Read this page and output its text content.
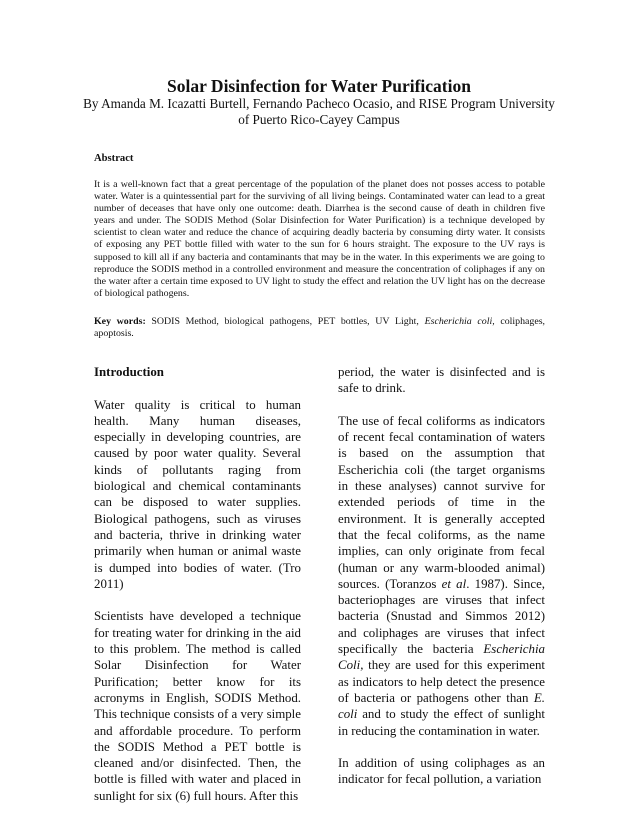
Solar Disinfection for Water Purification
By Amanda M. Icazatti Burtell, Fernando Pacheco Ocasio, and RISE Program University of Puerto Rico-Cayey Campus
Abstract
It is a well-known fact that a great percentage of the population of the planet does not posses access to potable water. Water is a quintessential part for the surviving of all living beings. Contaminated water can lead to a great number of deceases that have only one outcome: death. Diarrhea is the second cause of death in children five years and under. The SODIS Method (Solar Disinfection for Water Purification) is a technique developed by scientist to clean water and reduce the chance of acquiring deadly bacteria by consuming dirty water. It consists of exposing any PET bottle filled with water to the sun for 6 hours straight. The exposure to the UV rays is supposed to kill all if any bacteria and contaminants that may be in the water. In this experiments we are going to reproduce the SODIS method in a controlled environment and measure the concentration of coliphages if any on the water after a certain time exposed to UV light to study the effect and relation the UV light has on the decrease of biological pathogens.
Key words: SODIS Method, biological pathogens, PET bottles, UV Light, Escherichia coli, coliphages, apoptosis.
Introduction

Water quality is critical to human health. Many human diseases, especially in developing countries, are caused by poor water quality. Several kinds of pollutants raging from biological and chemical contaminants can be disposed to water supplies. Biological pathogens, such as viruses and bacteria, thrive in drinking water primarily when human or animal waste is dumped into bodies of water. (Tro 2011)

Scientists have developed a technique for treating water for drinking in the aid to this problem. The method is called Solar Disinfection for Water Purification; better know for its acronyms in English, SODIS Method. This technique consists of a very simple and affordable procedure. To perform the SODIS Method a PET bottle is cleaned and/or disinfected. Then, the bottle is filled with water and placed in sunlight for six (6) full hours. After this

period, the water is disinfected and is safe to drink.

The use of fecal coliforms as indicators of recent fecal contamination of waters is based on the assumption that Escherichia coli (the target organisms in these analyses) cannot survive for extended periods of time in the environment. It is generally accepted that the fecal coliforms, as the name implies, can only originate from fecal (human or any warm-blooded animal) sources. (Toranzos et al. 1987). Since, bacteriophages are viruses that infect bacteria (Snustad and Simmos 2012) and coliphages are viruses that infect specifically the bacteria Escherichia Coli, they are used for this experiment as indicators to help detect the presence of bacteria or pathogens other than E. coli and to study the effect of sunlight in reducing the contamination in water.

In addition of using coliphages as an indicator for fecal pollution, a variation
